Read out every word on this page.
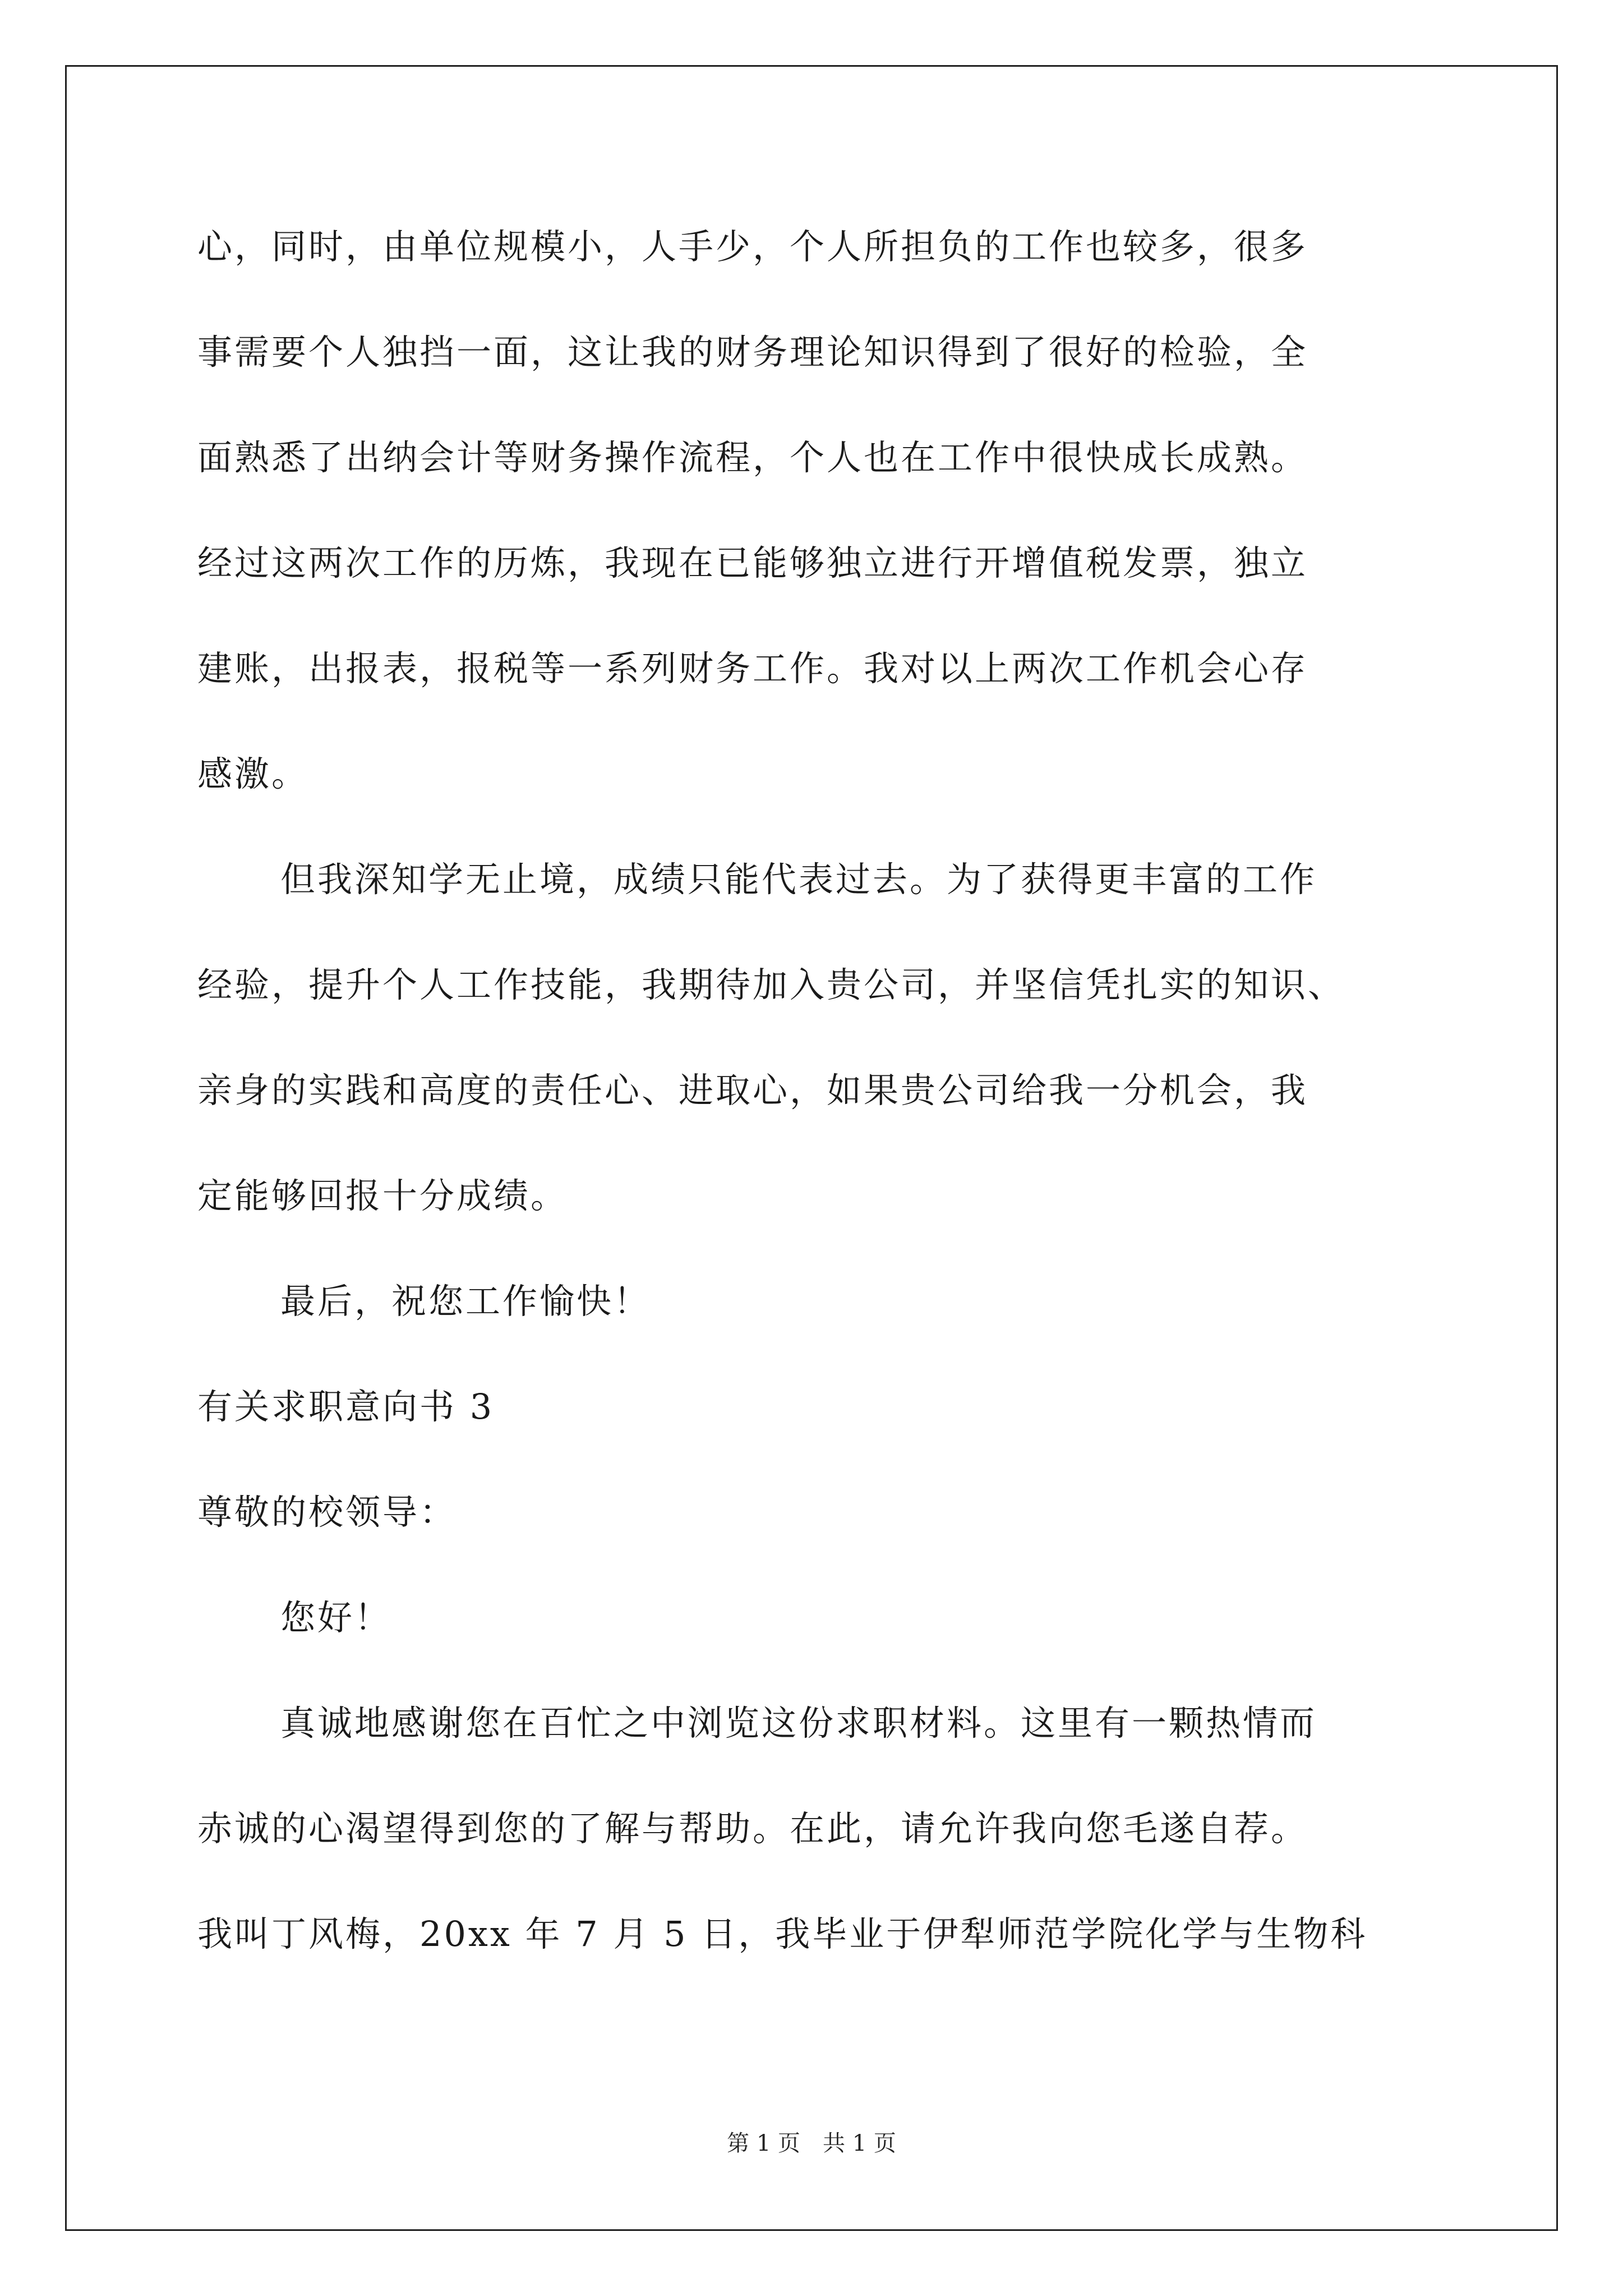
心，同时，由单位规模小，人手少，个人所担负的工作也较多，很多
事需要个人独挡一面，这让我的财务理论知识得到了很好的检验，全
面熟悉了出纳会计等财务操作流程，个人也在工作中很快成长成熟。
经过这两次工作的历炼，我现在已能够独立进行开增值税发票，独立
建账，出报表，报税等一系列财务工作。我对以上两次工作机会心存
感激。
但我深知学无止境，成绩只能代表过去。为了获得更丰富的工作
经验，提升个人工作技能，我期待加入贵公司，并坚信凭扎实的知识、
亲身的实践和高度的责任心、进取心，如果贵公司给我一分机会，我
定能够回报十分成绩。
最后，祝您工作愉快！
有关求职意向书 3
尊敬的校领导：
您好！
真诚地感谢您在百忙之中浏览这份求职材料。这里有一颗热情而
赤诚的心渴望得到您的了解与帮助。在此，请允许我向您毛遂自荐。
我叫丁风梅，20xx 年 7 月 5 日，我毕业于伊犁师范学院化学与生物科
第 1 页　共 1 页
